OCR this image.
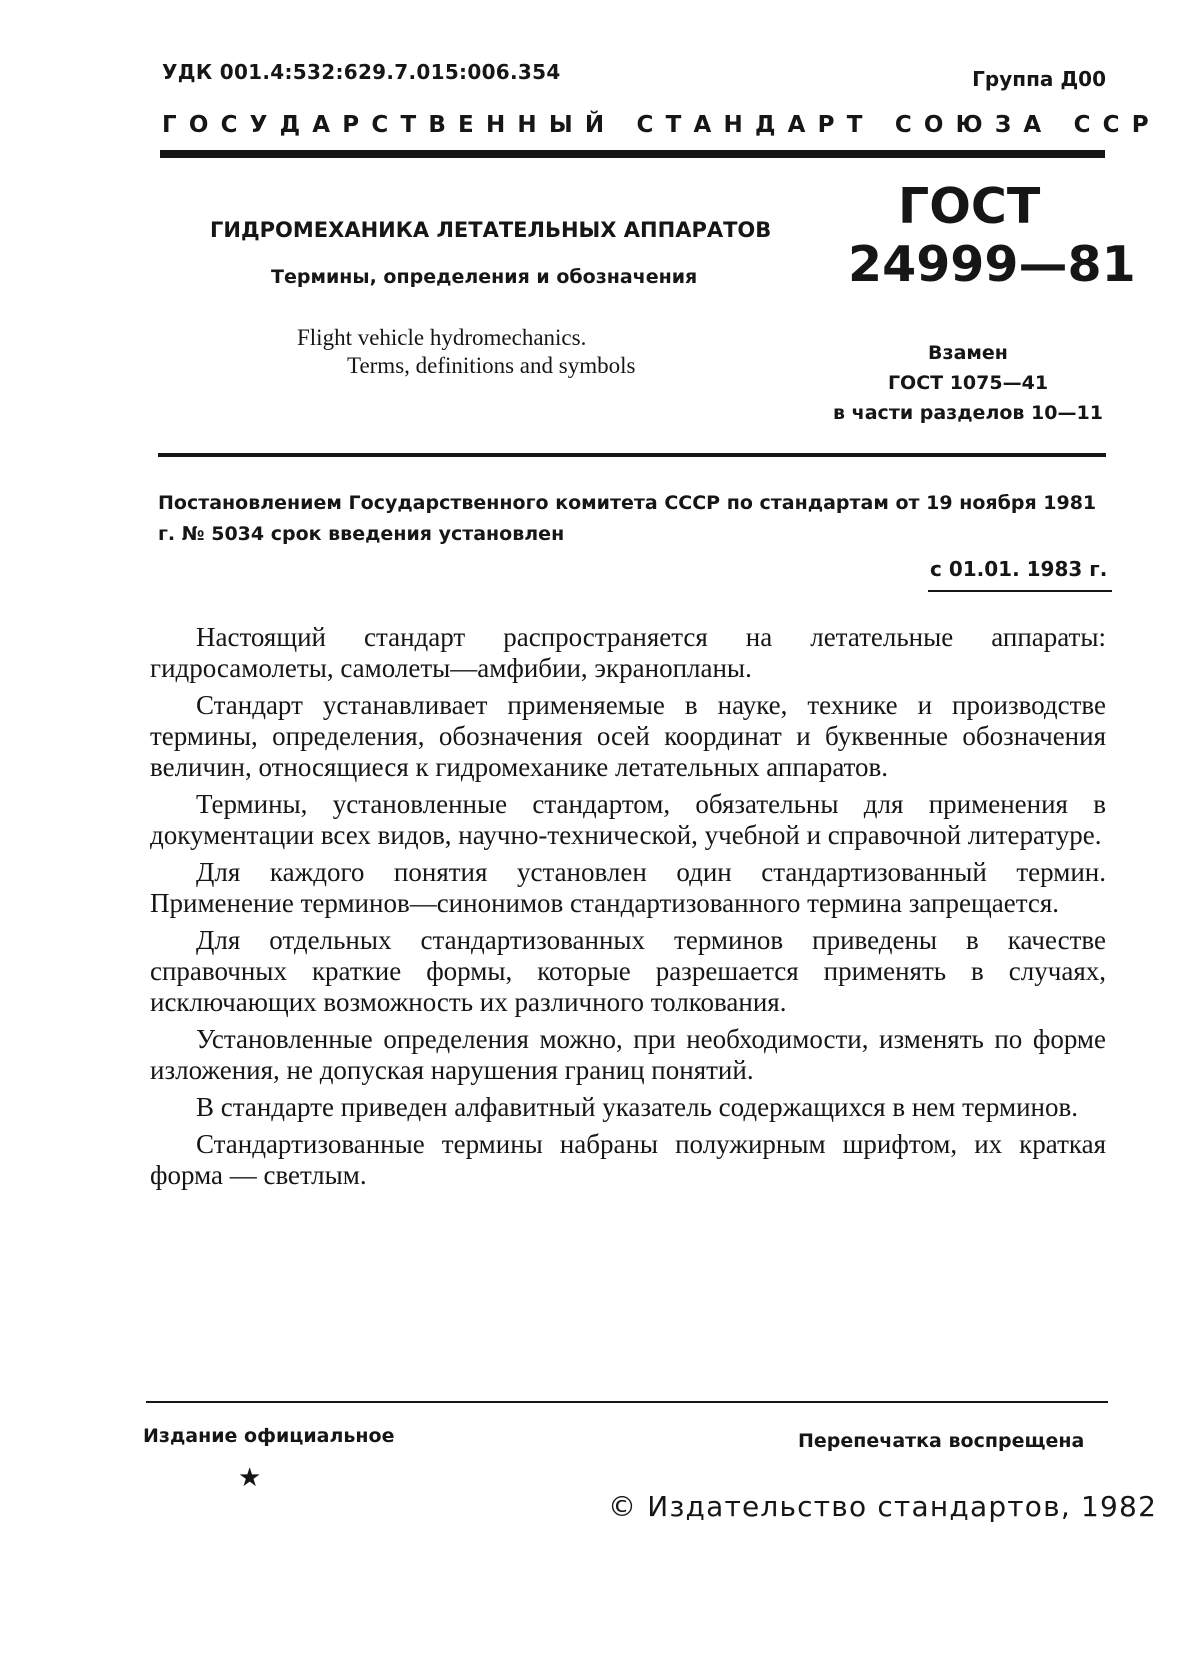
УДК 001.4:532:629.7.015:006.354	Группа Д00
ГОСУДАРСТВЕННЫЙ СТАНДАРТ СОЮЗА ССР
ГИДРОМЕХАНИКА ЛЕТАТЕЛЬНЫХ АППАРАТОВ
Термины, определения и обозначения
Flight vehicle hydromechanics.
Terms, definitions and symbols
ГОСТ
24999—81
Взамен
ГОСТ 1075—41
в части разделов 10—11
Постановлением Государственного комитета СССР по стандартам от 19 ноября 1981 г. № 5034 срок введения установлен
с 01.01. 1983 г.

Настоящий стандарт распространяется на летательные аппараты: гидросамолеты, самолеты—амфибии, экранопланы.

Стандарт устанавливает применяемые в науке, технике и производстве термины, определения, обозначения осей координат и буквенные обозначения величин, относящиеся к гидромеханике летательных аппаратов.

Термины, установленные стандартом, обязательны для применения в документации всех видов, научно-технической, учебной и справочной литературе.

Для каждого понятия установлен один стандартизованный термин. Применение терминов—синонимов стандартизованного термина запрещается.

Для отдельных стандартизованных терминов приведены в качестве справочных краткие формы, которые разрешается применять в случаях, исключающих возможность их различного толкования.

Установленные определения можно, при необходимости, изменять по форме изложения, не допуская нарушения границ понятий.

В стандарте приведен алфавитный указатель содержащихся в нем терминов.

Стандартизованные термины набраны полужирным шрифтом, их краткая форма — светлым.

Издание официальное	Перепечатка воспрещена
★
© Издательство стандартов, 1982
